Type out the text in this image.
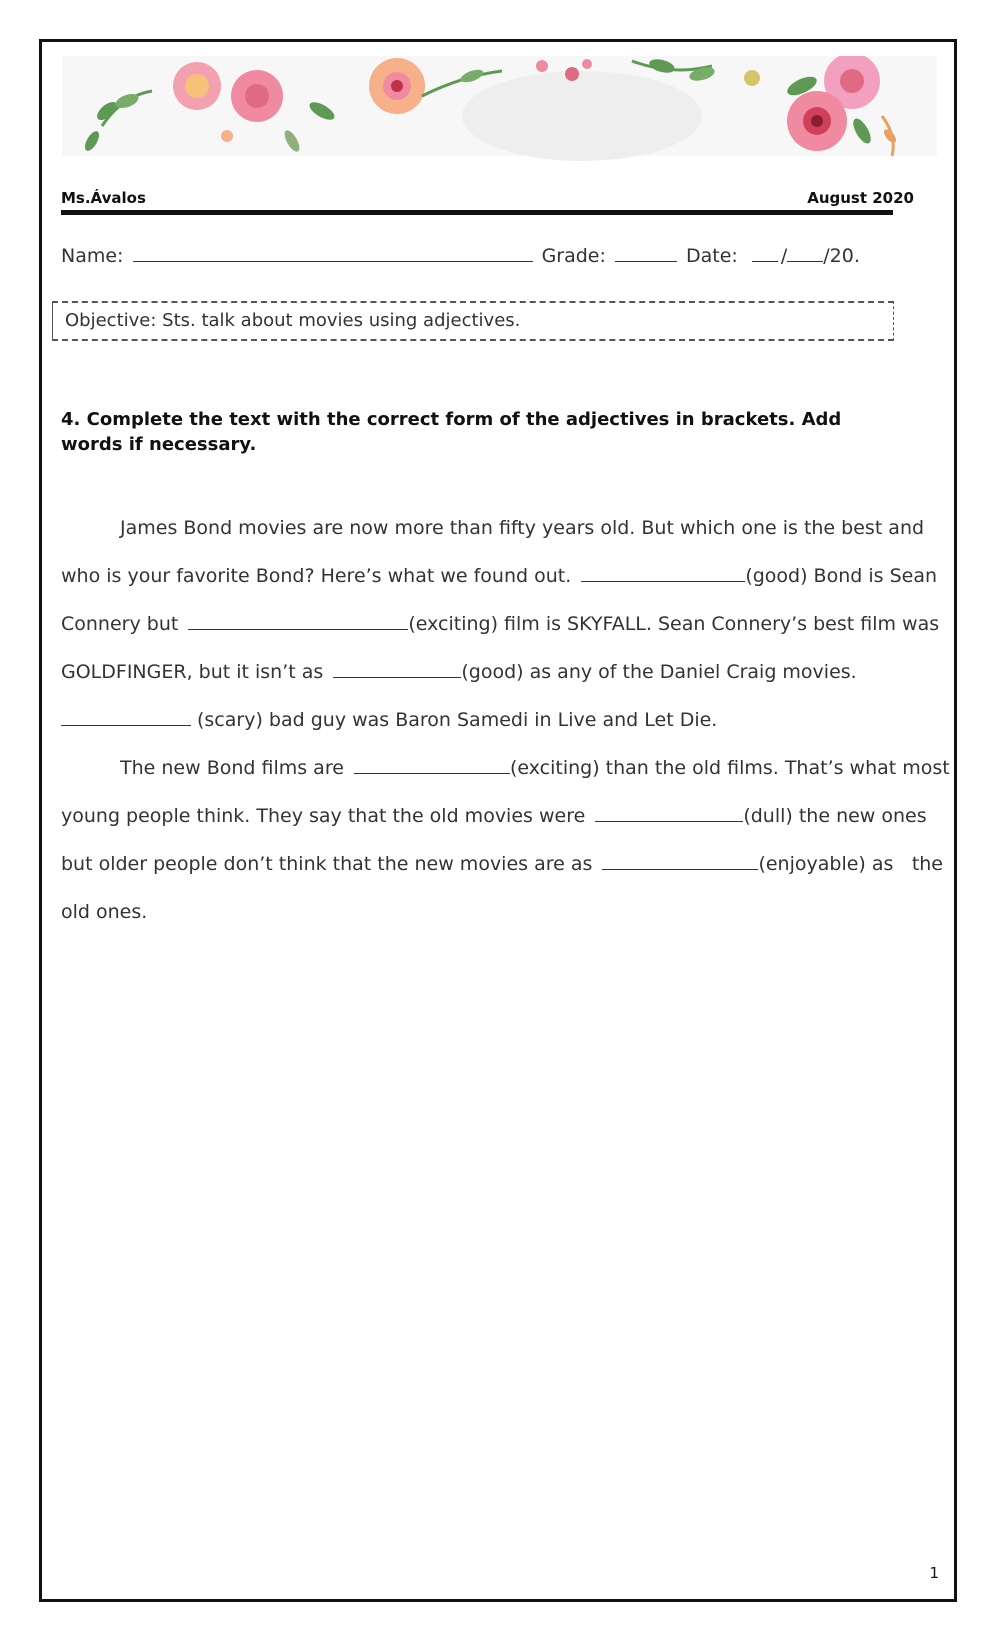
Ms.Ávalos	August 2020
Name:	Grade:	Date: / /20.
Objective: Sts. talk about movies using adjectives.
4. Complete the text with the correct form of the adjectives in brackets. Add words if necessary.
James Bond movies are now more than fifty years old. But which one is the best and
who is your favorite Bond? Here’s what we found out.	(good) Bond is Sean
Connery but	(exciting) film is SKYFALL. Sean Connery’s best film was
GOLDFINGER, but it isn’t as	(good) as any of the Daniel Craig movies.
(scary) bad guy was Baron Samedi in Live and Let Die.
The new Bond films are	(exciting) than the old films. That’s what most
young people think. They say that the old movies were	(dull) the new ones
but older people don’t think that the new movies are as	(enjoyable) as the
old ones.
1
